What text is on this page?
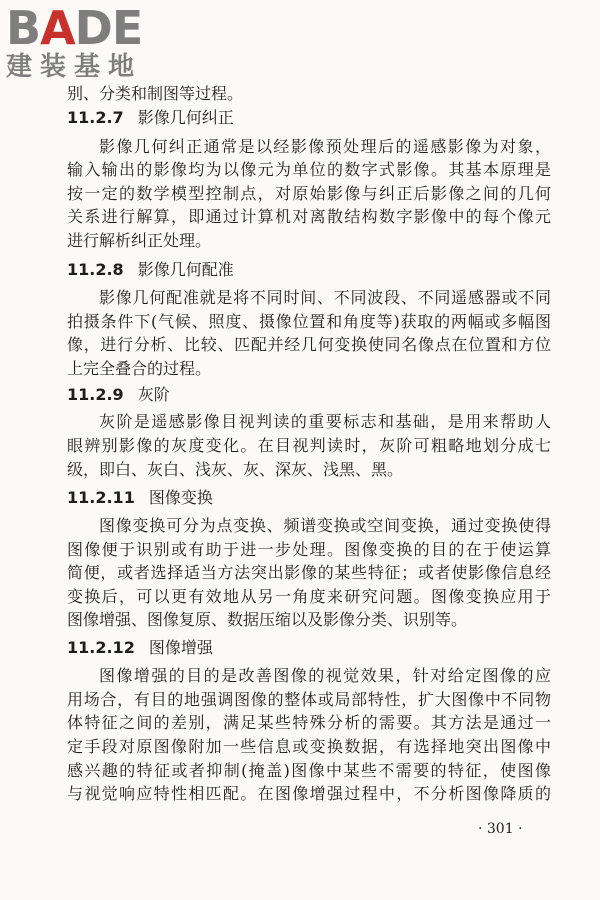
BADE
建装基地
别、分类和制图等过程。
11.2.7 影像几何纠正
影像几何纠正通常是以经影像预处理后的遥感影像为对象，
输入输出的影像均为以像元为单位的数字式影像。其基本原理是
按一定的数学模型控制点，对原始影像与纠正后影像之间的几何
关系进行解算，即通过计算机对离散结构数字影像中的每个像元
进行解析纠正处理。
11.2.8 影像几何配准
影像几何配准就是将不同时间、不同波段、不同遥感器或不同
拍摄条件下(气候、照度、摄像位置和角度等)获取的两幅或多幅图
像，进行分析、比较、匹配并经几何变换使同名像点在位置和方位
上完全叠合的过程。
11.2.9 灰阶
灰阶是遥感影像目视判读的重要标志和基础，是用来帮助人
眼辨别影像的灰度变化。在目视判读时，灰阶可粗略地划分成七
级，即白、灰白、浅灰、灰、深灰、浅黑、黑。
11.2.11 图像变换
图像变换可分为点变换、频谱变换或空间变换，通过变换使得
图像便于识别或有助于进一步处理。图像变换的目的在于使运算
简便，或者选择适当方法突出影像的某些特征；或者使影像信息经
变换后，可以更有效地从另一角度来研究问题。图像变换应用于
图像增强、图像复原、数据压缩以及影像分类、识别等。
11.2.12 图像增强
图像增强的目的是改善图像的视觉效果，针对给定图像的应
用场合，有目的地强调图像的整体或局部特性，扩大图像中不同物
体特征之间的差别，满足某些特殊分析的需要。其方法是通过一
定手段对原图像附加一些信息或变换数据，有选择地突出图像中
感兴趣的特征或者抑制(掩盖)图像中某些不需要的特征，使图像
与视觉响应特性相匹配。在图像增强过程中，不分析图像降质的
· 301 ·
